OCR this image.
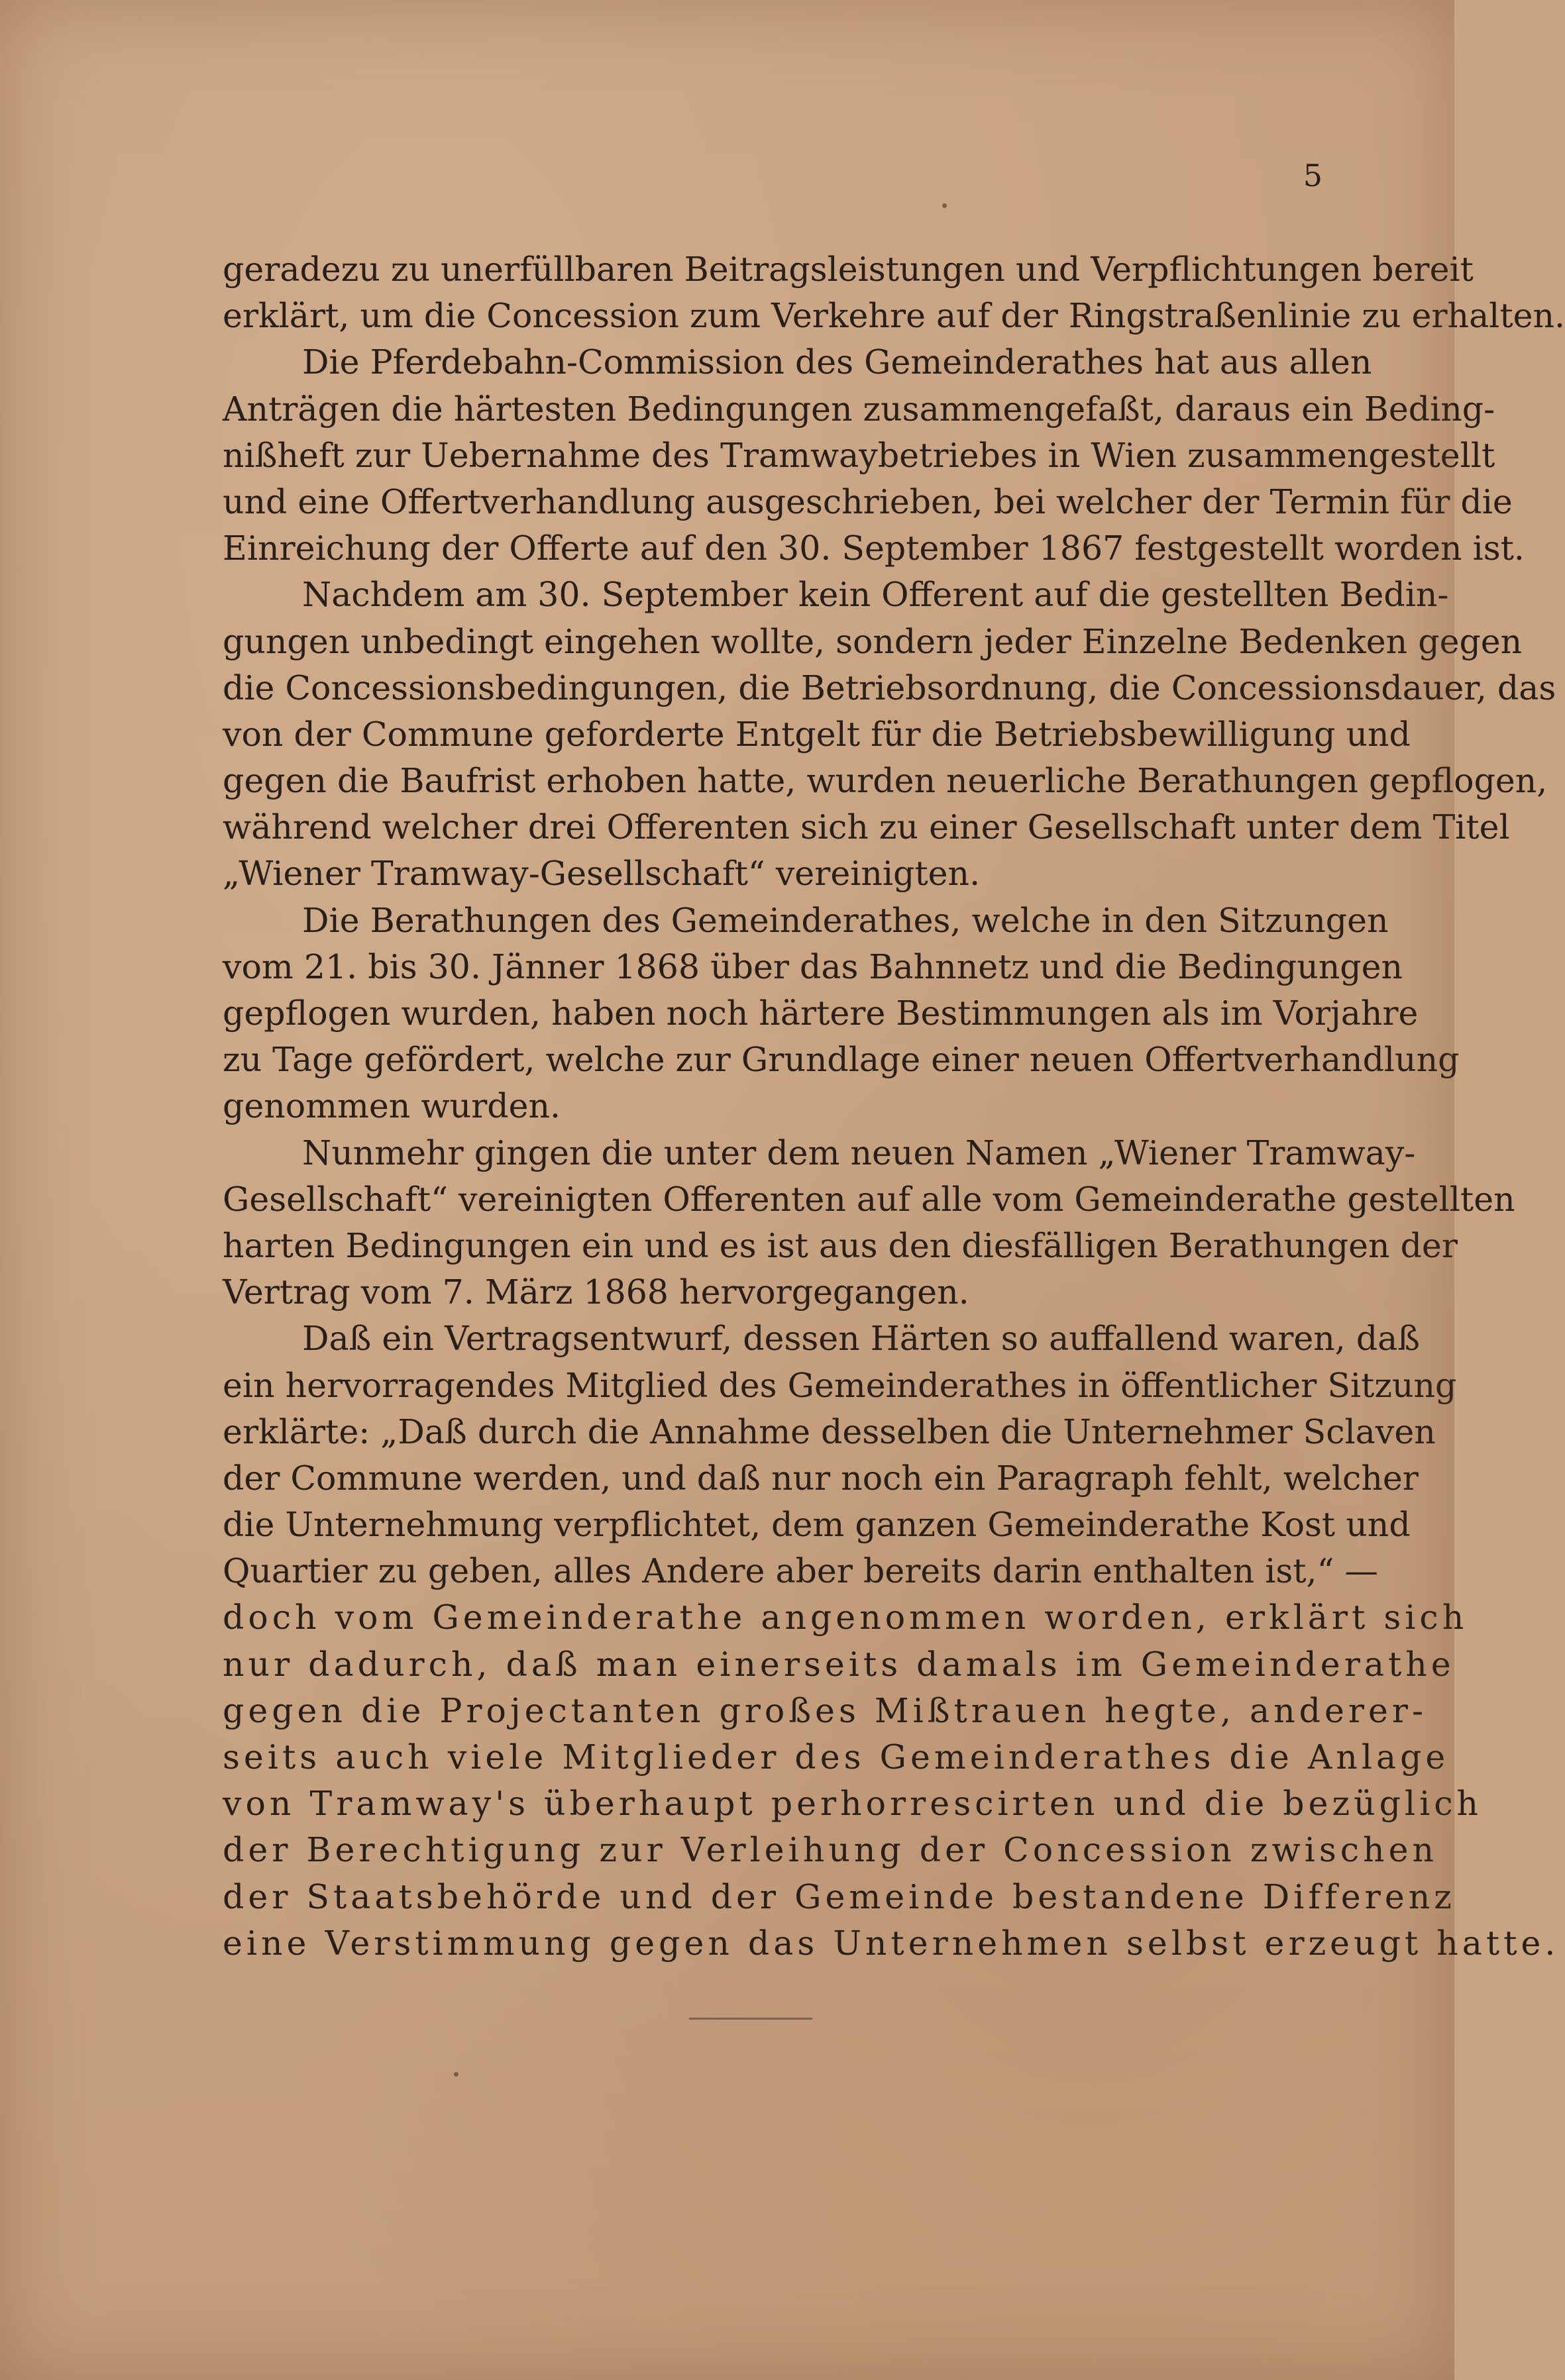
5
geradezu zu unerfüllbaren Beitragsleistungen und Verpflichtungen bereit
erklärt, um die Concession zum Verkehre auf der Ringstraßenlinie zu erhalten.
Die Pferdebahn-Commission des Gemeinderathes hat aus allen
Anträgen die härtesten Bedingungen zusammengefaßt, daraus ein Beding-
nißheft zur Uebernahme des Tramwaybetriebes in Wien zusammengestellt
und eine Offertverhandlung ausgeschrieben, bei welcher der Termin für die
Einreichung der Offerte auf den 30. September 1867 festgestellt worden ist.
Nachdem am 30. September kein Offerent auf die gestellten Bedin-
gungen unbedingt eingehen wollte, sondern jeder Einzelne Bedenken gegen
die Concessionsbedingungen, die Betriebsordnung, die Concessionsdauer, das
von der Commune geforderte Entgelt für die Betriebsbewilligung und
gegen die Baufrist erhoben hatte, wurden neuerliche Berathungen gepflogen,
während welcher drei Offerenten sich zu einer Gesellschaft unter dem Titel
„Wiener Tramway-Gesellschaft“ vereinigten.
Die Berathungen des Gemeinderathes, welche in den Sitzungen
vom 21. bis 30. Jänner 1868 über das Bahnnetz und die Bedingungen
gepflogen wurden, haben noch härtere Bestimmungen als im Vorjahre
zu Tage gefördert, welche zur Grundlage einer neuen Offertverhandlung
genommen wurden.
Nunmehr gingen die unter dem neuen Namen „Wiener Tramway-
Gesellschaft“ vereinigten Offerenten auf alle vom Gemeinderathe gestellten
harten Bedingungen ein und es ist aus den diesfälligen Berathungen der
Vertrag vom 7. März 1868 hervorgegangen.
Daß ein Vertragsentwurf, dessen Härten so auffallend waren, daß
ein hervorragendes Mitglied des Gemeinderathes in öffentlicher Sitzung
erklärte: „Daß durch die Annahme desselben die Unternehmer Sclaven
der Commune werden, und daß nur noch ein Paragraph fehlt, welcher
die Unternehmung verpflichtet, dem ganzen Gemeinderathe Kost und
Quartier zu geben, alles Andere aber bereits darin enthalten ist,“ —
doch vom Gemeinderathe angenommen worden, erklärt sich
nur dadurch, daß man einerseits damals im Gemeinderathe
gegen die Projectanten großes Mißtrauen hegte, anderer-
seits auch viele Mitglieder des Gemeinderathes die Anlage
von Tramway's überhaupt perhorrescirten und die bezüglich
der Berechtigung zur Verleihung der Concession zwischen
der Staatsbehörde und der Gemeinde bestandene Differenz
eine Verstimmung gegen das Unternehmen selbst erzeugt hatte.
